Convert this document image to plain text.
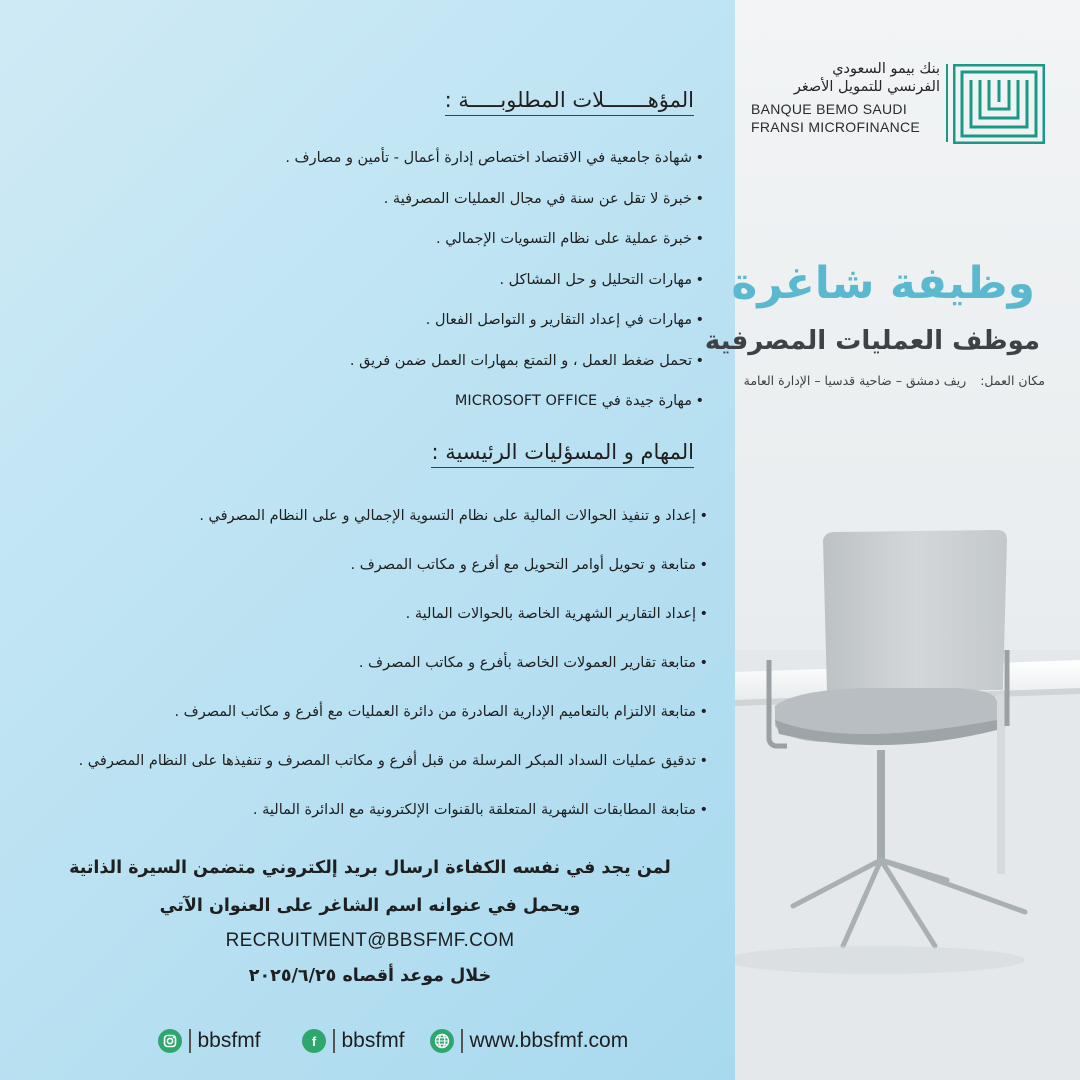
بنك بيمو السعودي
الفرنسي للتمويل الأصغر
BANQUE BEMO SAUDI
FRANSI MICROFINANCE
وظيفة شاغرة
موظف العمليات المصرفية
مكان العمل:ريف دمشق – ضاحية قدسيا – الإدارة العامة
المؤهـــــــلات المطلوبـــــة :
• شهادة جامعية في الاقتصاد اختصاص إدارة أعمال - تأمين و مصارف .
• خبرة لا تقل عن سنة في مجال العمليات المصرفية .
• خبرة عملية على نظام التسويات الإجمالي .
• مهارات التحليل و حل المشاكل .
• مهارات في إعداد التقارير و التواصل الفعال .
• تحمل ضغط العمل ، و التمتع بمهارات العمل ضمن فريق .
• مهارة جيدة في MICROSOFT OFFICE
المهام و المسؤليات الرئيسية :
• إعداد و تنفيذ الحوالات المالية على نظام التسوية الإجمالي و على النظام المصرفي .
• متابعة و تحويل أوامر التحويل مع أفرع و مكاتب المصرف .
• إعداد التقارير الشهرية الخاصة بالحوالات المالية .
• متابعة تقارير العمولات الخاصة بأفرع و مكاتب المصرف .
• متابعة الالتزام بالتعاميم الإدارية الصادرة من دائرة العمليات مع أفرع و مكاتب المصرف .
• تدقيق عمليات السداد المبكر المرسلة من قبل أفرع و مكاتب المصرف و تنفيذها على النظام المصرفي .
• متابعة المطابقات الشهرية المتعلقة بالقنوات الإلكترونية مع الدائرة المالية .
لمن يجد في نفسه الكفاءة ارسال بريد إلكتروني متضمن السيرة الذاتية
ويحمل في عنوانه اسم الشاغر على العنوان الآتي
RECRUITMENT@BBSFMF.COM
خلال موعد أقصاه ٢٠٢٥/٦/٢٥
bbsfmf	f	bbsfmf	www.bbsfmf.com
